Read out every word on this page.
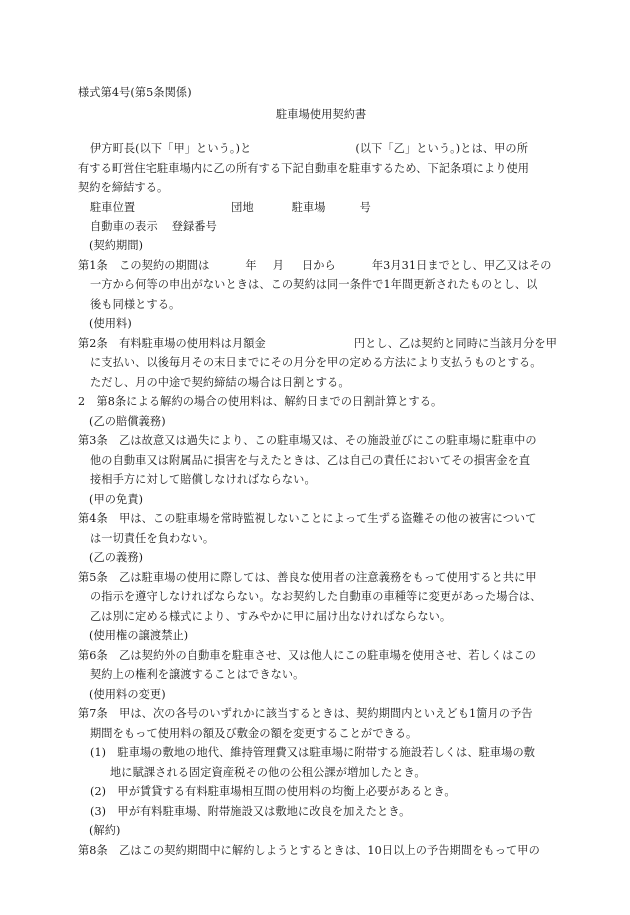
様式第4号(第5条関係)
駐車場使用契約書
伊方町長(以下「甲」という。)と	(以下「乙」という。)とは、甲の所
有する町営住宅駐車場内に乙の所有する下記自動車を駐車するため、下記条項により使用
契約を締結する。
駐車位置	団地	駐車場	号
自動車の表示 登録番号
(契約期間)
第1条　この契約の期間は	年 月 日から	年3月31日までとし、甲乙又はその
一方から何等の申出がないときは、この契約は同一条件で1年間更新されたものとし、以
後も同様とする。
(使用料)
第2条　有料駐車場の使用料は月額金	円とし、乙は契約と同時に当該月分を甲
に支払い、以後毎月その末日までにその月分を甲の定める方法により支払うものとする。
ただし、月の中途で契約締結の場合は日割とする。
2　第8条による解約の場合の使用料は、解約日までの日割計算とする。
(乙の賠償義務)
第3条　乙は故意又は過失により、この駐車場又は、その施設並びにこの駐車場に駐車中の
他の自動車又は附属品に損害を与えたときは、乙は自己の責任においてその損害金を直
接相手方に対して賠償しなければならない。
(甲の免責)
第4条　甲は、この駐車場を常時監視しないことによって生ずる盗難その他の被害について
は一切責任を負わない。
(乙の義務)
第5条　乙は駐車場の使用に際しては、善良な使用者の注意義務をもって使用すると共に甲
の指示を遵守しなければならない。なお契約した自動車の車種等に変更があった場合は、
乙は別に定める様式により、すみやかに甲に届け出なければならない。
(使用権の譲渡禁止)
第6条　乙は契約外の自動車を駐車させ、又は他人にこの駐車場を使用させ、若しくはこの
契約上の権利を譲渡することはできない。
(使用料の変更)
第7条　甲は、次の各号のいずれかに該当するときは、契約期間内といえども1箇月の予告
期間をもって使用料の額及び敷金の額を変更することができる。
(1)　駐車場の敷地の地代、維持管理費又は駐車場に附帯する施設若しくは、駐車場の敷
地に賦課される固定資産税その他の公租公課が増加したとき。
(2)　甲が賃貸する有料駐車場相互間の使用料の均衡上必要があるとき。
(3)　甲が有料駐車場、附帯施設又は敷地に改良を加えたとき。
(解約)
第8条　乙はこの契約期間中に解約しようとするときは、10日以上の予告期間をもって甲の
